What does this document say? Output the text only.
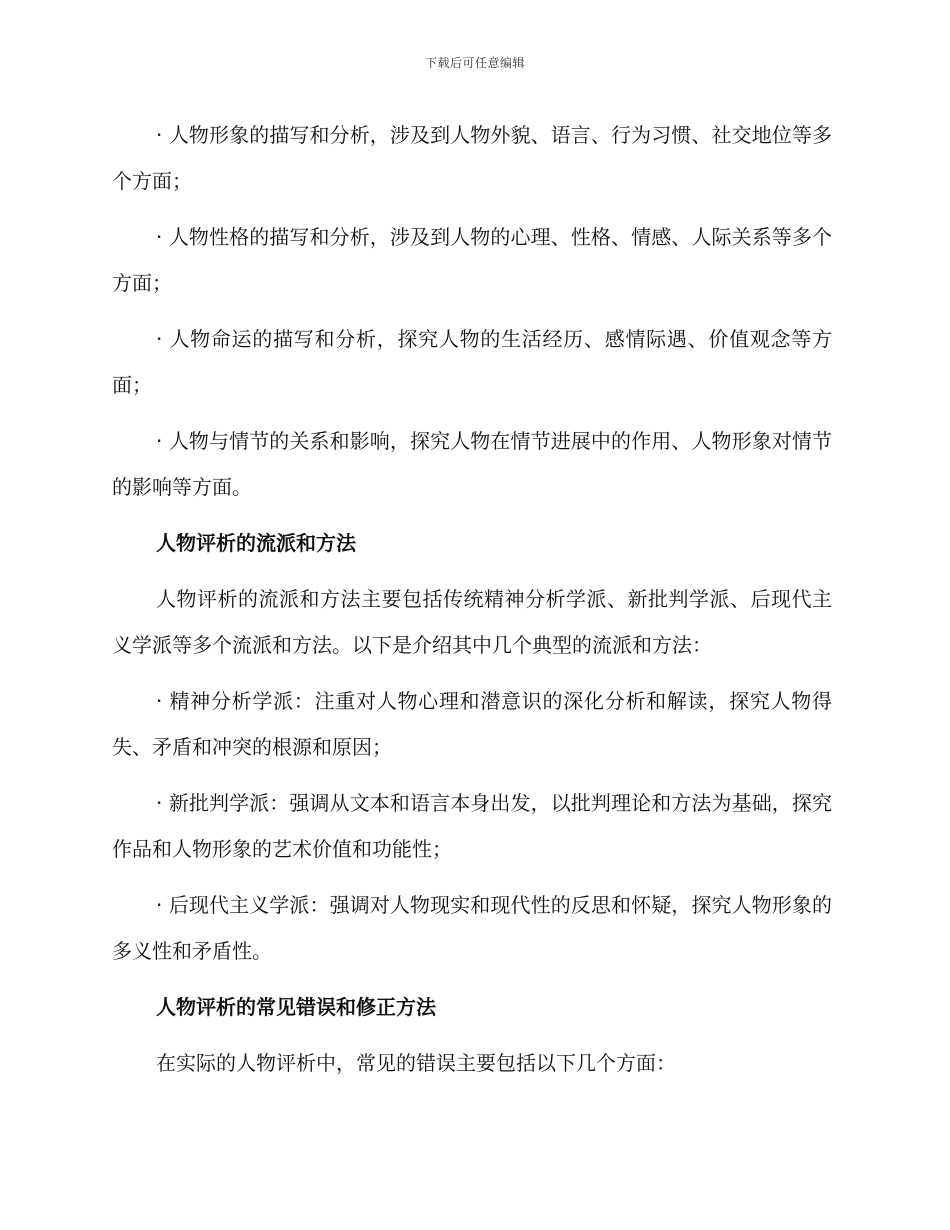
下载后可任意编辑

· 人物形象的描写和分析，涉及到人物外貌、语言、行为习惯、社交地位等多个方面；

· 人物性格的描写和分析，涉及到人物的心理、性格、情感、人际关系等多个方面；

· 人物命运的描写和分析，探究人物的生活经历、感情际遇、价值观念等方面；

· 人物与情节的关系和影响，探究人物在情节进展中的作用、人物形象对情节的影响等方面。

人物评析的流派和方法

人物评析的流派和方法主要包括传统精神分析学派、新批判学派、后现代主义学派等多个流派和方法。以下是介绍其中几个典型的流派和方法：

· 精神分析学派：注重对人物心理和潜意识的深化分析和解读，探究人物得失、矛盾和冲突的根源和原因；

· 新批判学派：强调从文本和语言本身出发，以批判理论和方法为基础，探究作品和人物形象的艺术价值和功能性；

· 后现代主义学派：强调对人物现实和现代性的反思和怀疑，探究人物形象的多义性和矛盾性。

人物评析的常见错误和修正方法

在实际的人物评析中，常见的错误主要包括以下几个方面：
